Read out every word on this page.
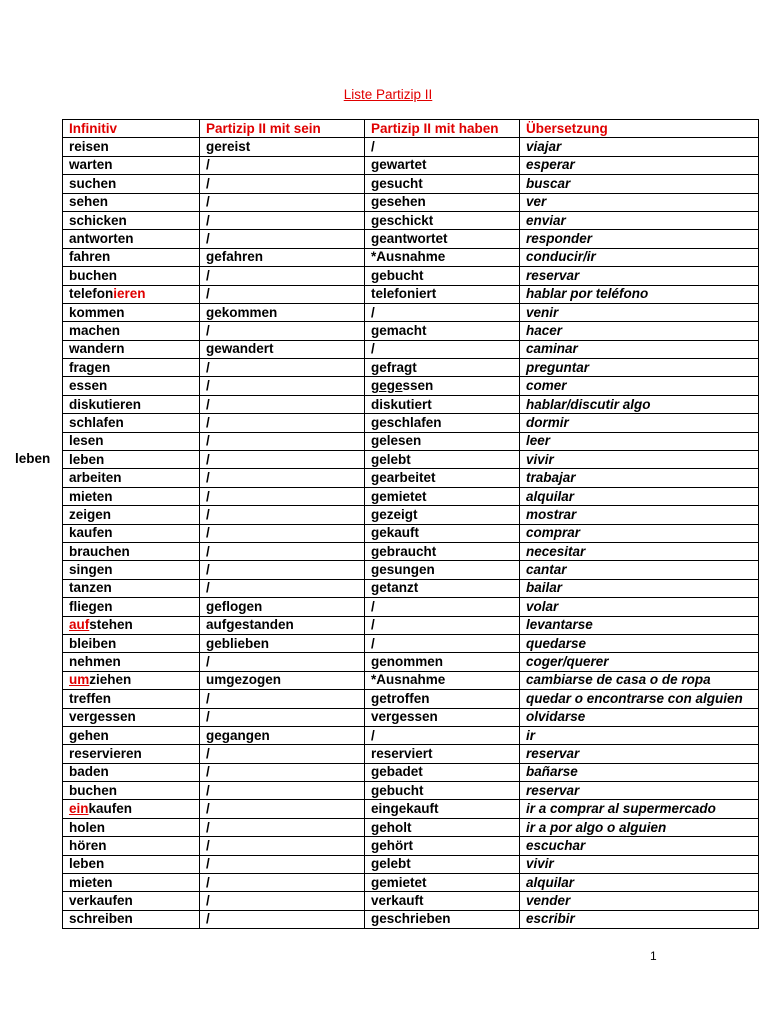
Liste Partizip II
leben
Infinitiv	Partizip II mit sein	Partizip II mit haben	Übersetzung
reisen	gereist	/	viajar
warten	/	gewartet	esperar
suchen	/	gesucht	buscar
sehen	/	gesehen	ver
schicken	/	geschickt	enviar
antworten	/	geantwortet	responder
fahren	gefahren	*Ausnahme	conducir/ir
buchen	/	gebucht	reservar
telefonieren	/	telefoniert	hablar por teléfono
kommen	gekommen	/	venir
machen	/	gemacht	hacer
wandern	gewandert	/	caminar
fragen	/	gefragt	preguntar
essen	/	gegessen	comer
diskutieren	/	diskutiert	hablar/discutir algo
schlafen	/	geschlafen	dormir
lesen	/	gelesen	leer
leben	/	gelebt	vivir
arbeiten	/	gearbeitet	trabajar
mieten	/	gemietet	alquilar
zeigen	/	gezeigt	mostrar
kaufen	/	gekauft	comprar
brauchen	/	gebraucht	necesitar
singen	/	gesungen	cantar
tanzen	/	getanzt	bailar
fliegen	geflogen	/	volar
aufstehen	aufgestanden	/	levantarse
bleiben	geblieben	/	quedarse
nehmen	/	genommen	coger/querer
umziehen	umgezogen	*Ausnahme	cambiarse de casa o de ropa
treffen	/	getroffen	quedar o encontrarse con alguien
vergessen	/	vergessen	olvidarse
gehen	gegangen	/	ir
reservieren	/	reserviert	reservar
baden	/	gebadet	bañarse
buchen	/	gebucht	reservar
einkaufen	/	eingekauft	ir a comprar al supermercado
holen	/	geholt	ir a por algo o alguien
hören	/	gehört	escuchar
leben	/	gelebt	vivir
mieten	/	gemietet	alquilar
verkaufen	/	verkauft	vender
schreiben	/	geschrieben	escribir
1
